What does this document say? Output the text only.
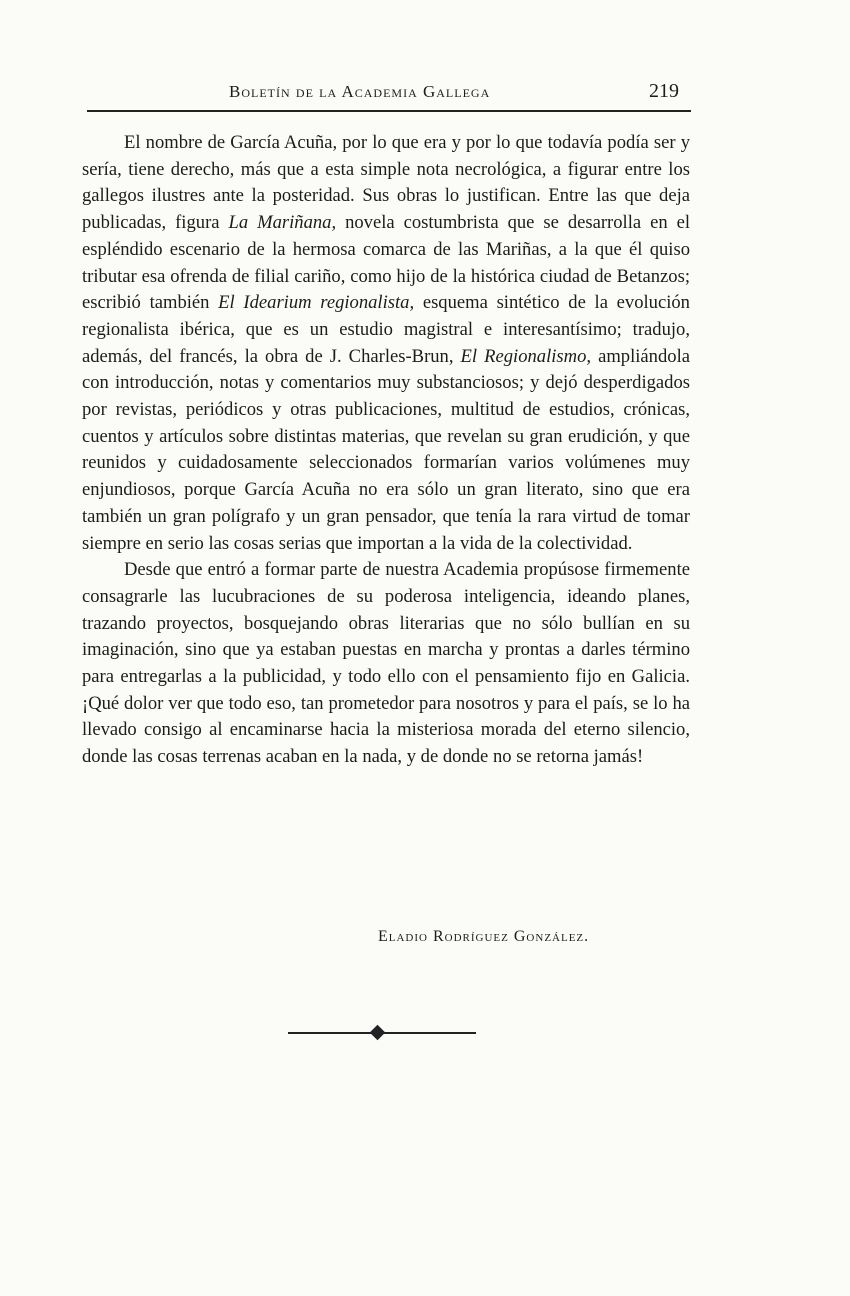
Boletín de la Academia Gallega	219

El nombre de García Acuña, por lo que era y por lo que todavía podía ser y sería, tiene derecho, más que a esta simple nota necrológica, a figurar entre los gallegos ilustres ante la posteridad. Sus obras lo justifican. Entre las que deja publicadas, figura La Mariñana, novela costumbrista que se desarrolla en el espléndido escenario de la hermosa comarca de las Mariñas, a la que él quiso tributar esa ofrenda de filial cariño, como hijo de la histórica ciudad de Betanzos; escribió también El Idearium regionalista, esquema sintético de la evolución regionalista ibérica, que es un estudio magistral e interesantísimo; tradujo, además, del francés, la obra de J. Charles-Brun, El Regionalismo, ampliándola con introducción, notas y comentarios muy substanciosos; y dejó desperdigados por revistas, periódicos y otras publicaciones, multitud de estudios, crónicas, cuentos y artículos sobre distintas materias, que revelan su gran erudición, y que reunidos y cuidadosamente seleccionados formarían varios volúmenes muy enjundiosos, porque García Acuña no era sólo un gran literato, sino que era también un gran polígrafo y un gran pensador, que tenía la rara virtud de tomar siempre en serio las cosas serias que importan a la vida de la colectividad.

Desde que entró a formar parte de nuestra Academia propúsose firmemente consagrarle las lucubraciones de su poderosa inteligencia, ideando planes, trazando proyectos, bosquejando obras literarias que no sólo bullían en su imaginación, sino que ya estaban puestas en marcha y prontas a darles término para entregarlas a la publicidad, y todo ello con el pensamiento fijo en Galicia. ¡Qué dolor ver que todo eso, tan prometedor para nosotros y para el país, se lo ha llevado consigo al encaminarse hacia la misteriosa morada del eterno silencio, donde las cosas terrenas acaban en la nada, y de donde no se retorna jamás!

Eladio Rodríguez González.
